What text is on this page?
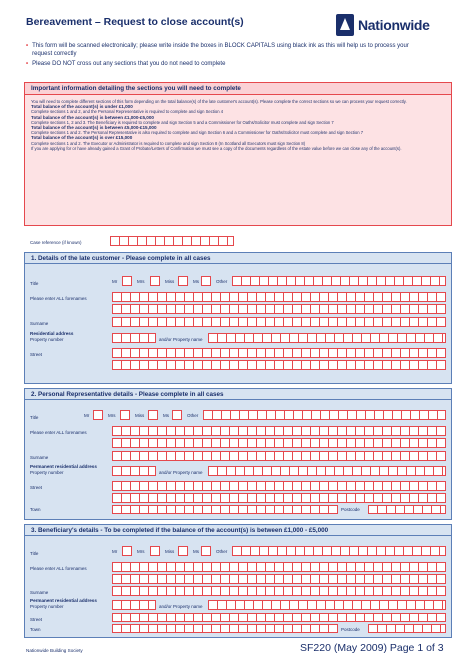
Bereavement – Request to close account(s)	Nationwide
• This form will be scanned electronically; please write inside the boxes in BLOCK CAPITALS using black ink as this will help us to process your request correctly
• Please DO NOT cross out any sections that you do not need to complete
Important information detailing the sections you will need to complete
You will need to complete different sections of this form depending on the total balance(s) of the late customer's account(s). Please complete the correct sections so we can process your request correctly.
Total balance of the account(s) is under £1,000
Complete sections 1 and 2, and the Personal Representative is required to complete and sign Section 4
Total balance of the account(s) is between £1,000-£5,000
Complete sections 1, 2 and 3. The Beneficiary is required to complete and sign Section 5 and a Commissioner for Oaths/Solicitor must complete and sign Section 7
Total balance of the account(s) is between £5,000-£15,000
Complete sections 1 and 2. The Personal Representative is also required to complete and sign Section 6 and a Commissioner for Oaths/Solicitor must complete and sign Section 7
Total balance of the account(s) is over £15,000
Complete sections 1 and 2. The Executor or Administrator is required to complete and sign Section 8 (In Scotland all Executors must sign Section 8)
If you are applying for or have already gained a Grant of Probate/Letters of Confirmation we must see a copy of the documents regardless of the estate value before we can close any of the account(s).
Case reference (if known)
1. Details of the late customer - Please complete in all cases
Title	Mr	Mrs	Miss	Ms	Other
Please enter ALL forenames
Surname
Residential address
Property number	and/or Property name
Street
2. Personal Representative details - Please complete in all cases
Title	Mr	Mrs	Miss	Ms	Other
Please enter ALL forenames
Surname
Permanent residential address
Property number	and/or Property name
Street
Town	Postcode
3. Beneficiary's details - To be completed if the balance of the account(s) is between £1,000 - £5,000
Title	Mr	Mrs	Miss	Ms	Other
Please enter ALL forenames
Surname
Permanent residential address
Property number	and/or Property name
Street
Town	Postcode
Nationwide Building Society	SF220 (May 2009) Page 1 of 3
